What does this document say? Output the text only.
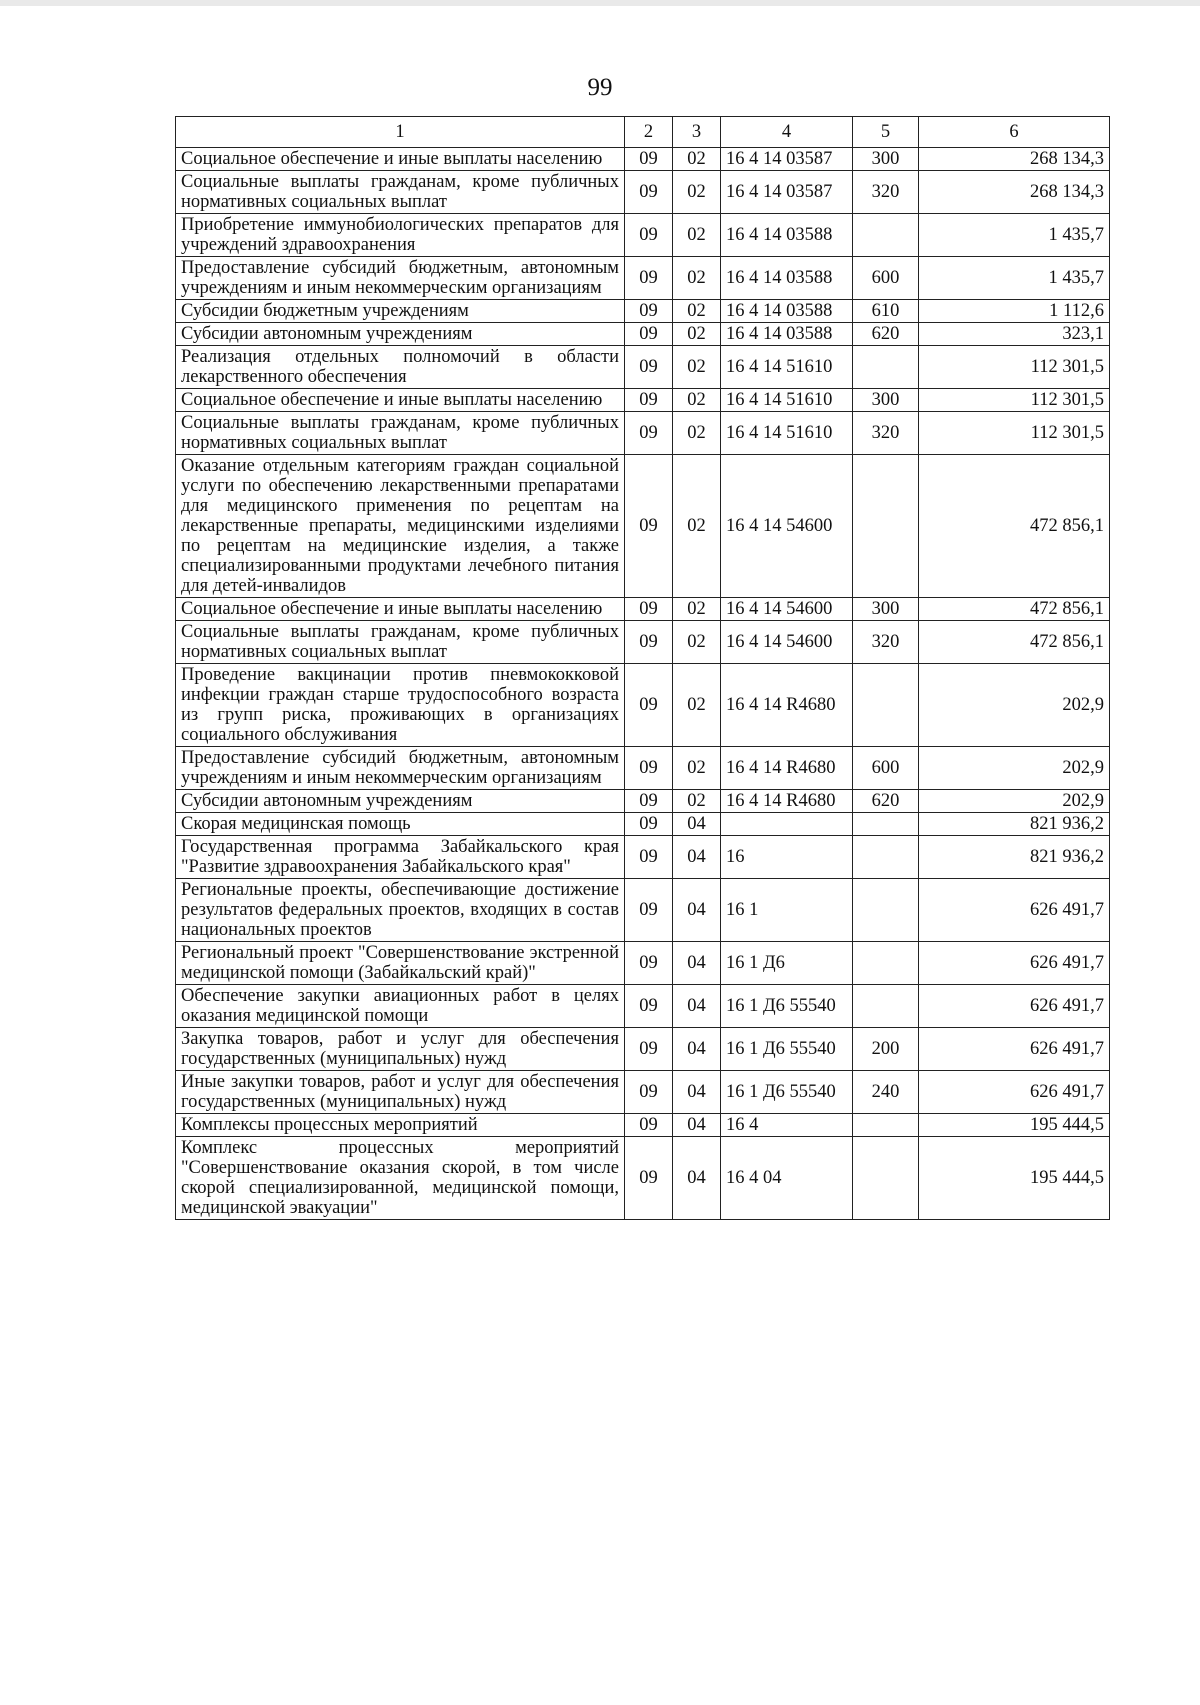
99
1	2	3	4	5	6
Социальное обеспечение и иные выплаты населению	09	02	16 4 14 03587	300	268 134,3
Социальные выплаты гражданам, кроме публичных нормативных социальных выплат	09	02	16 4 14 03587	320	268 134,3
Приобретение иммунобиологических препаратов для учреждений здравоохранения	09	02	16 4 14 03588		1 435,7
Предоставление субсидий бюджетным, автономным учреждениям и иным некоммерческим организациям	09	02	16 4 14 03588	600	1 435,7
Субсидии бюджетным учреждениям	09	02	16 4 14 03588	610	1 112,6
Субсидии автономным учреждениям	09	02	16 4 14 03588	620	323,1
Реализация отдельных полномочий в области лекарственного обеспечения	09	02	16 4 14 51610		112 301,5
Социальное обеспечение и иные выплаты населению	09	02	16 4 14 51610	300	112 301,5
Социальные выплаты гражданам, кроме публичных нормативных социальных выплат	09	02	16 4 14 51610	320	112 301,5
Оказание отдельным категориям граждан социальной услуги по обеспечению лекарственными препаратами для медицинского применения по рецептам на лекарственные препараты, медицинскими изделиями по рецептам на медицинские изделия, а также специализированными продуктами лечебного питания для детей-инвалидов	09	02	16 4 14 54600		472 856,1
Социальное обеспечение и иные выплаты населению	09	02	16 4 14 54600	300	472 856,1
Социальные выплаты гражданам, кроме публичных нормативных социальных выплат	09	02	16 4 14 54600	320	472 856,1
Проведение вакцинации против пневмококковой инфекции граждан старше трудоспособного возраста из групп риска, проживающих в организациях социального обслуживания	09	02	16 4 14 R4680		202,9
Предоставление субсидий бюджетным, автономным учреждениям и иным некоммерческим организациям	09	02	16 4 14 R4680	600	202,9
Субсидии автономным учреждениям	09	02	16 4 14 R4680	620	202,9
Скорая медицинская помощь	09	04			821 936,2
Государственная программа Забайкальского края "Развитие здравоохранения Забайкальского края"	09	04	16		821 936,2
Региональные проекты, обеспечивающие достижение результатов федеральных проектов, входящих в состав национальных проектов	09	04	16 1		626 491,7
Региональный проект "Совершенствование экстренной медицинской помощи (Забайкальский край)"	09	04	16 1 Д6		626 491,7
Обеспечение закупки авиационных работ в целях оказания медицинской помощи	09	04	16 1 Д6 55540		626 491,7
Закупка товаров, работ и услуг для обеспечения государственных (муниципальных) нужд	09	04	16 1 Д6 55540	200	626 491,7
Иные закупки товаров, работ и услуг для обеспечения государственных (муниципальных) нужд	09	04	16 1 Д6 55540	240	626 491,7
Комплексы процессных мероприятий	09	04	16 4		195 444,5
Комплекс процессных мероприятий "Совершенствование оказания скорой, в том числе скорой специализированной, медицинской помощи, медицинской эвакуации"	09	04	16 4 04		195 444,5
